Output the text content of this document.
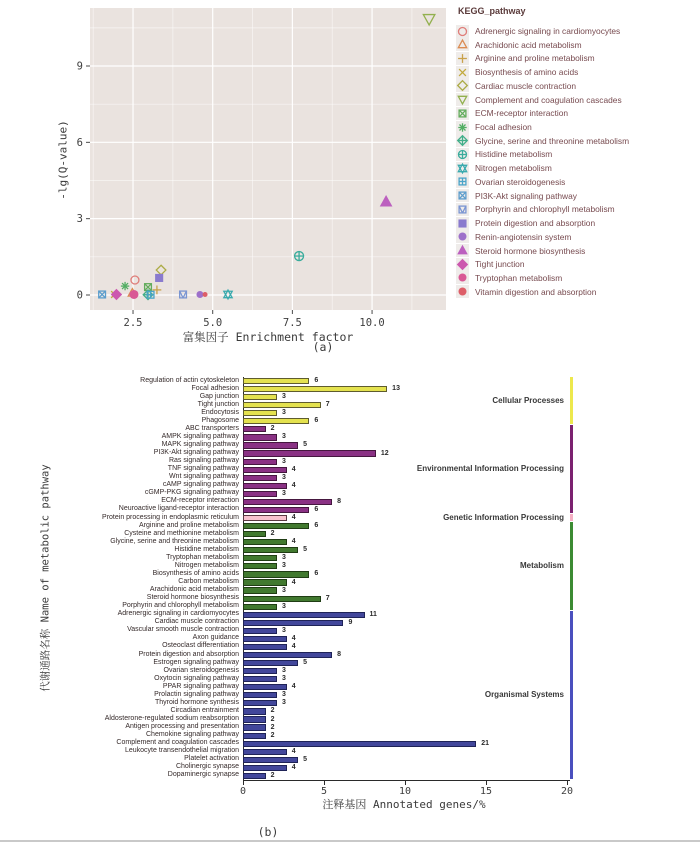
2.5	5.0	7.5	10.0
0
3
6
9
-lg(Q-value)
富集因子 Enrichment factor
(a)
KEGG_pathway
Adrenergic signaling in cardiomyocytes
Arachidonic acid metabolism
Arginine and proline metabolism
Biosynthesis of amino acids
Cardiac muscle contraction
Complement and coagulation cascades
ECM-receptor interaction
Focal adhesion
Glycine, serine and threonine metabolism
Histidine metabolism
Nitrogen metabolism
Ovarian steroidogenesis
PI3K-Akt signaling pathway
Porphyrin and chlorophyll metabolism
Protein digestion and absorption
Renin-angiotensin system
Steroid hormone biosynthesis
Tight junction
Tryptophan metabolism
Vitamin digestion and absorption
0	5	10	15	20
Regulation of actin cytoskeleton	6
Focal adhesion	13
Gap junction	3
Tight junction	7
Endocytosis	3
Phagosome	6
ABC transporters	2
AMPK signaling pathway	3
MAPK signaling pathway	5
PI3K-Akt signaling pathway	12
Ras signaling pathway	3
TNF signaling pathway	4
Wnt signaling pathway	3
cAMP signaling pathway	4
cGMP-PKG signaling pathway	3
ECM-receptor interaction	8
Neuroactive ligand-receptor interaction	6
Protein processing in endoplasmic reticulum	4
Arginine and proline metabolism	6
Cysteine and methionine metabolism	2
Glycine, serine and threonine metabolism	4
Histidine metabolism	5
Tryptophan metabolism	3
Nitrogen metabolism	3
Biosynthesis of amino acids	6
Carbon metabolism	4
Arachidonic acid metabolism	3
Steroid hormone biosynthesis	7
Porphyrin and chlorophyll metabolism	3
Adrenergic signaling in cardiomyocytes	11
Cardiac muscle contraction	9
Vascular smooth muscle contraction	3
Axon guidance	4
Osteoclast differentiation	4
Protein digestion and absorption	8
Estrogen signaling pathway	5
Ovarian steroidogenesis	3
Oxytocin signaling pathway	3
PPAR signaling pathway	4
Prolactin signaling pathway	3
Thyroid hormone synthesis	3
Circadian entrainment	2
Aldosterone-regulated sodium reabsorption	2
Antigen processing and presentation	2
Chemokine signaling pathway	2
Complement and coagulation cascades	21
Leukocyte transendothelial migration	4
Platelet activation	5
Cholinergic synapse	4
Dopaminergic synapse	2
Cellular Processes
Environmental Information Processing
Genetic Information Processing
Metabolism
Organismal Systems
代谢通路名称 Name of metabolic pathway
注释基因 Annotated genes/%
(b)
